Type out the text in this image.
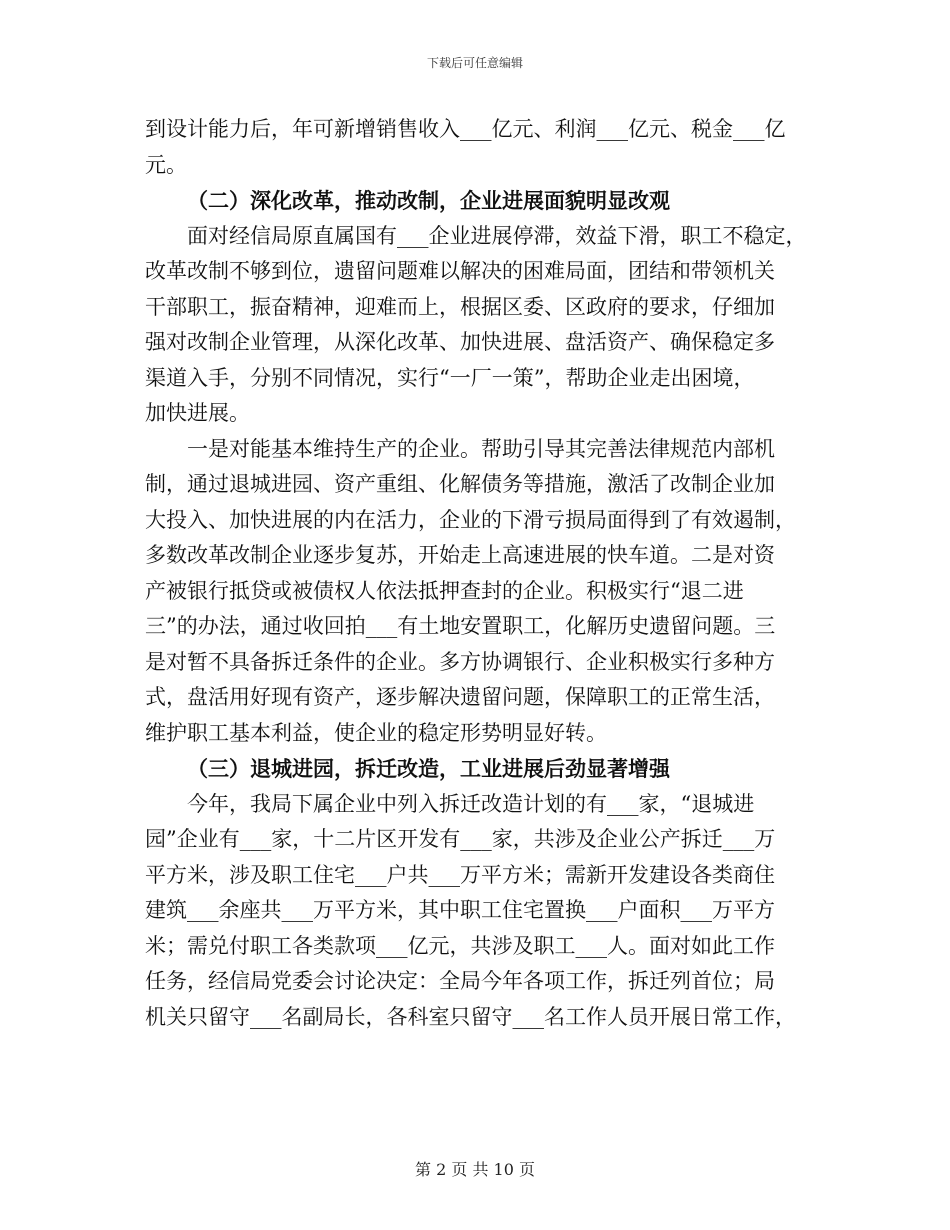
下载后可任意编辑
到设计能力后，年可新增销售收入___亿元、利润___亿元、税金___亿
元。
（二）深化改革，推动改制，企业进展面貌明显改观
面对经信局原直属国有___企业进展停滞，效益下滑，职工不稳定，
改革改制不够到位，遗留问题难以解决的困难局面，团结和带领机关
干部职工，振奋精神，迎难而上，根据区委、区政府的要求，仔细加
强对改制企业管理，从深化改革、加快进展、盘活资产、确保稳定多
渠道入手，分别不同情况，实行“一厂一策”，帮助企业走出困境，
加快进展。
一是对能基本维持生产的企业。帮助引导其完善法律规范内部机
制，通过退城进园、资产重组、化解债务等措施，激活了改制企业加
大投入、加快进展的内在活力，企业的下滑亏损局面得到了有效遏制，
多数改革改制企业逐步复苏，开始走上高速进展的快车道。二是对资
产被银行抵贷或被债权人依法抵押查封的企业。积极实行“退二进
三”的办法，通过收回拍___有土地安置职工，化解历史遗留问题。三
是对暂不具备拆迁条件的企业。多方协调银行、企业积极实行多种方
式，盘活用好现有资产，逐步解决遗留问题，保障职工的正常生活，
维护职工基本利益，使企业的稳定形势明显好转。
（三）退城进园，拆迁改造，工业进展后劲显著增强
今年，我局下属企业中列入拆迁改造计划的有___家，“退城进
园”企业有___家，十二片区开发有___家，共涉及企业公产拆迁___万
平方米，涉及职工住宅___户共___万平方米；需新开发建设各类商住
建筑___余座共___万平方米，其中职工住宅置换___户面积___万平方
米；需兑付职工各类款项___亿元，共涉及职工___人。面对如此工作
任务，经信局党委会讨论决定：全局今年各项工作，拆迁列首位；局
机关只留守___名副局长，各科室只留守___名工作人员开展日常工作，
第 2 页 共 10 页
